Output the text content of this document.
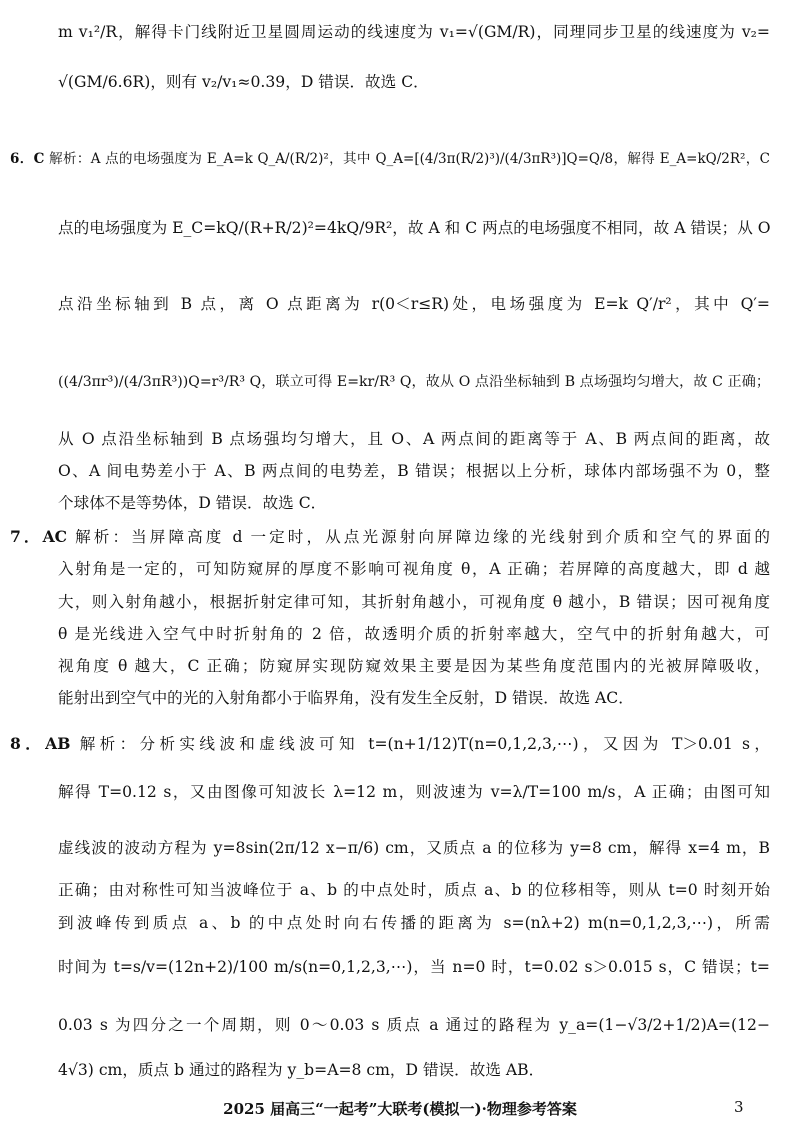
m v₁²/R，解得卡门线附近卫星圆周运动的线速度为 v₁=√(GM/R)，同理同步卫星的线速度为 v₂=
√(GM/6.6R)，则有 v₂/v₁≈0.39，D 错误．故选 C．
6．C 解析：A 点的电场强度为 E_A=k Q_A/(R/2)²，其中 Q_A=[(4/3π(R/2)³)/(4/3πR³)]Q=Q/8，解得 E_A=kQ/2R²，C
点的电场强度为 E_C=kQ/(R+R/2)²=4kQ/9R²，故 A 和 C 两点的电场强度不相同，故 A 错误；从 O
点沿坐标轴到 B 点，离 O 点距离为 r(0＜r≤R)处，电场强度为 E=k Q′/r²，其中 Q′=
((4/3πr³)/(4/3πR³))Q=r³/R³ Q，联立可得 E=kr/R³ Q，故从 O 点沿坐标轴到 B 点场强均匀增大，故 C 正确；
从 O 点沿坐标轴到 B 点场强均匀增大，且 O、A 两点间的距离等于 A、B 两点间的距离，故
O、A 间电势差小于 A、B 两点间的电势差，B 错误；根据以上分析，球体内部场强不为 0，整
个球体不是等势体，D 错误．故选 C．
7．AC 解析：当屏障高度 d 一定时，从点光源射向屏障边缘的光线射到介质和空气的界面的
入射角是一定的，可知防窥屏的厚度不影响可视角度 θ，A 正确；若屏障的高度越大，即 d 越
大，则入射角越小，根据折射定律可知，其折射角越小，可视角度 θ 越小，B 错误；因可视角度
θ 是光线进入空气中时折射角的 2 倍，故透明介质的折射率越大，空气中的折射角越大，可
视角度 θ 越大，C 正确；防窥屏实现防窥效果主要是因为某些角度范围内的光被屏障吸收，
能射出到空气中的光的入射角都小于临界角，没有发生全反射，D 错误．故选 AC．
8．AB 解析：分析实线波和虚线波可知 t=(n+1/12)T(n=0,1,2,3,⋯)，又因为 T＞0.01 s，
解得 T=0.12 s，又由图像可知波长 λ=12 m，则波速为 v=λ/T=100 m/s，A 正确；由图可知
虚线波的波动方程为 y=8sin(2π/12 x−π/6) cm，又质点 a 的位移为 y=8 cm，解得 x=4 m，B
正确；由对称性可知当波峰位于 a、b 的中点处时，质点 a、b 的位移相等，则从 t=0 时刻开始
到波峰传到质点 a、b 的中点处时向右传播的距离为 s=(nλ+2) m(n=0,1,2,3,⋯)，所需
时间为 t=s/v=(12n+2)/100 m/s(n=0,1,2,3,⋯)，当 n=0 时，t=0.02 s＞0.015 s，C 错误；t=
0.03 s 为四分之一个周期，则 0～0.03 s 质点 a 通过的路程为 y_a=(1−√3/2+1/2)A=(12−
4√3) cm，质点 b 通过的路程为 y_b=A=8 cm，D 错误．故选 AB．
2025 届高三“一起考”大联考(模拟一)·物理参考答案	3
